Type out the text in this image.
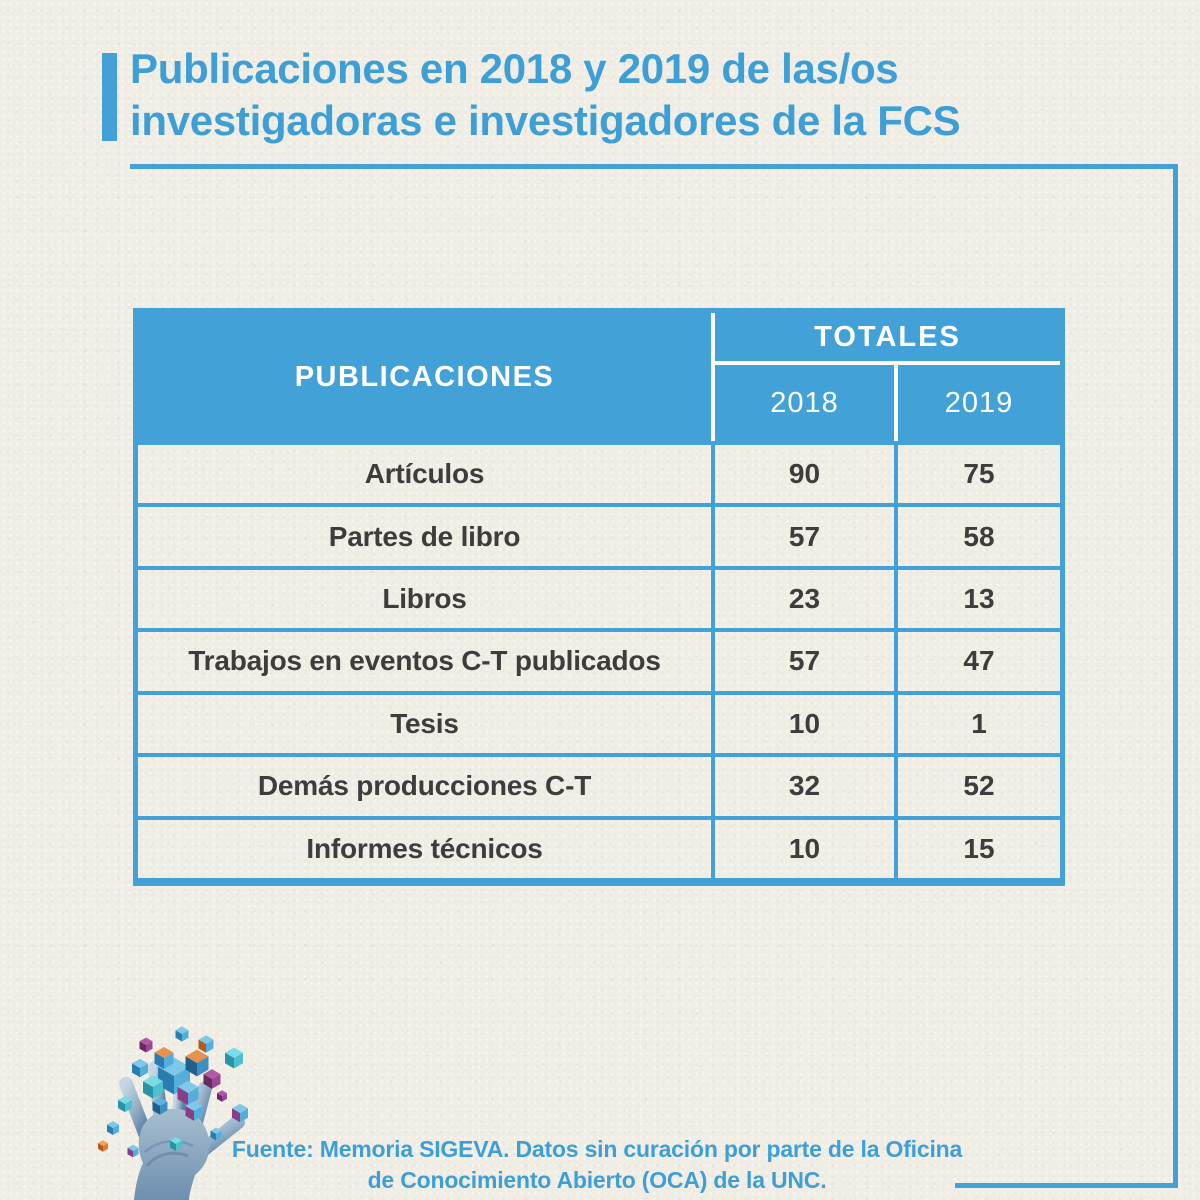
Publicaciones en 2018 y 2019 de las/os
investigadoras e investigadores de la FCS
PUBLICACIONES
TOTALES
2018	2019
Artículos	90	75
Partes de libro	57	58
Libros	23	13
Trabajos en eventos C-T publicados	57	47
Tesis	10	1
Demás producciones C-T	32	52
Informes técnicos	10	15
Fuente: Memoria SIGEVA. Datos sin curación por parte de la Oficina
de Conocimiento Abierto (OCA) de la UNC.
